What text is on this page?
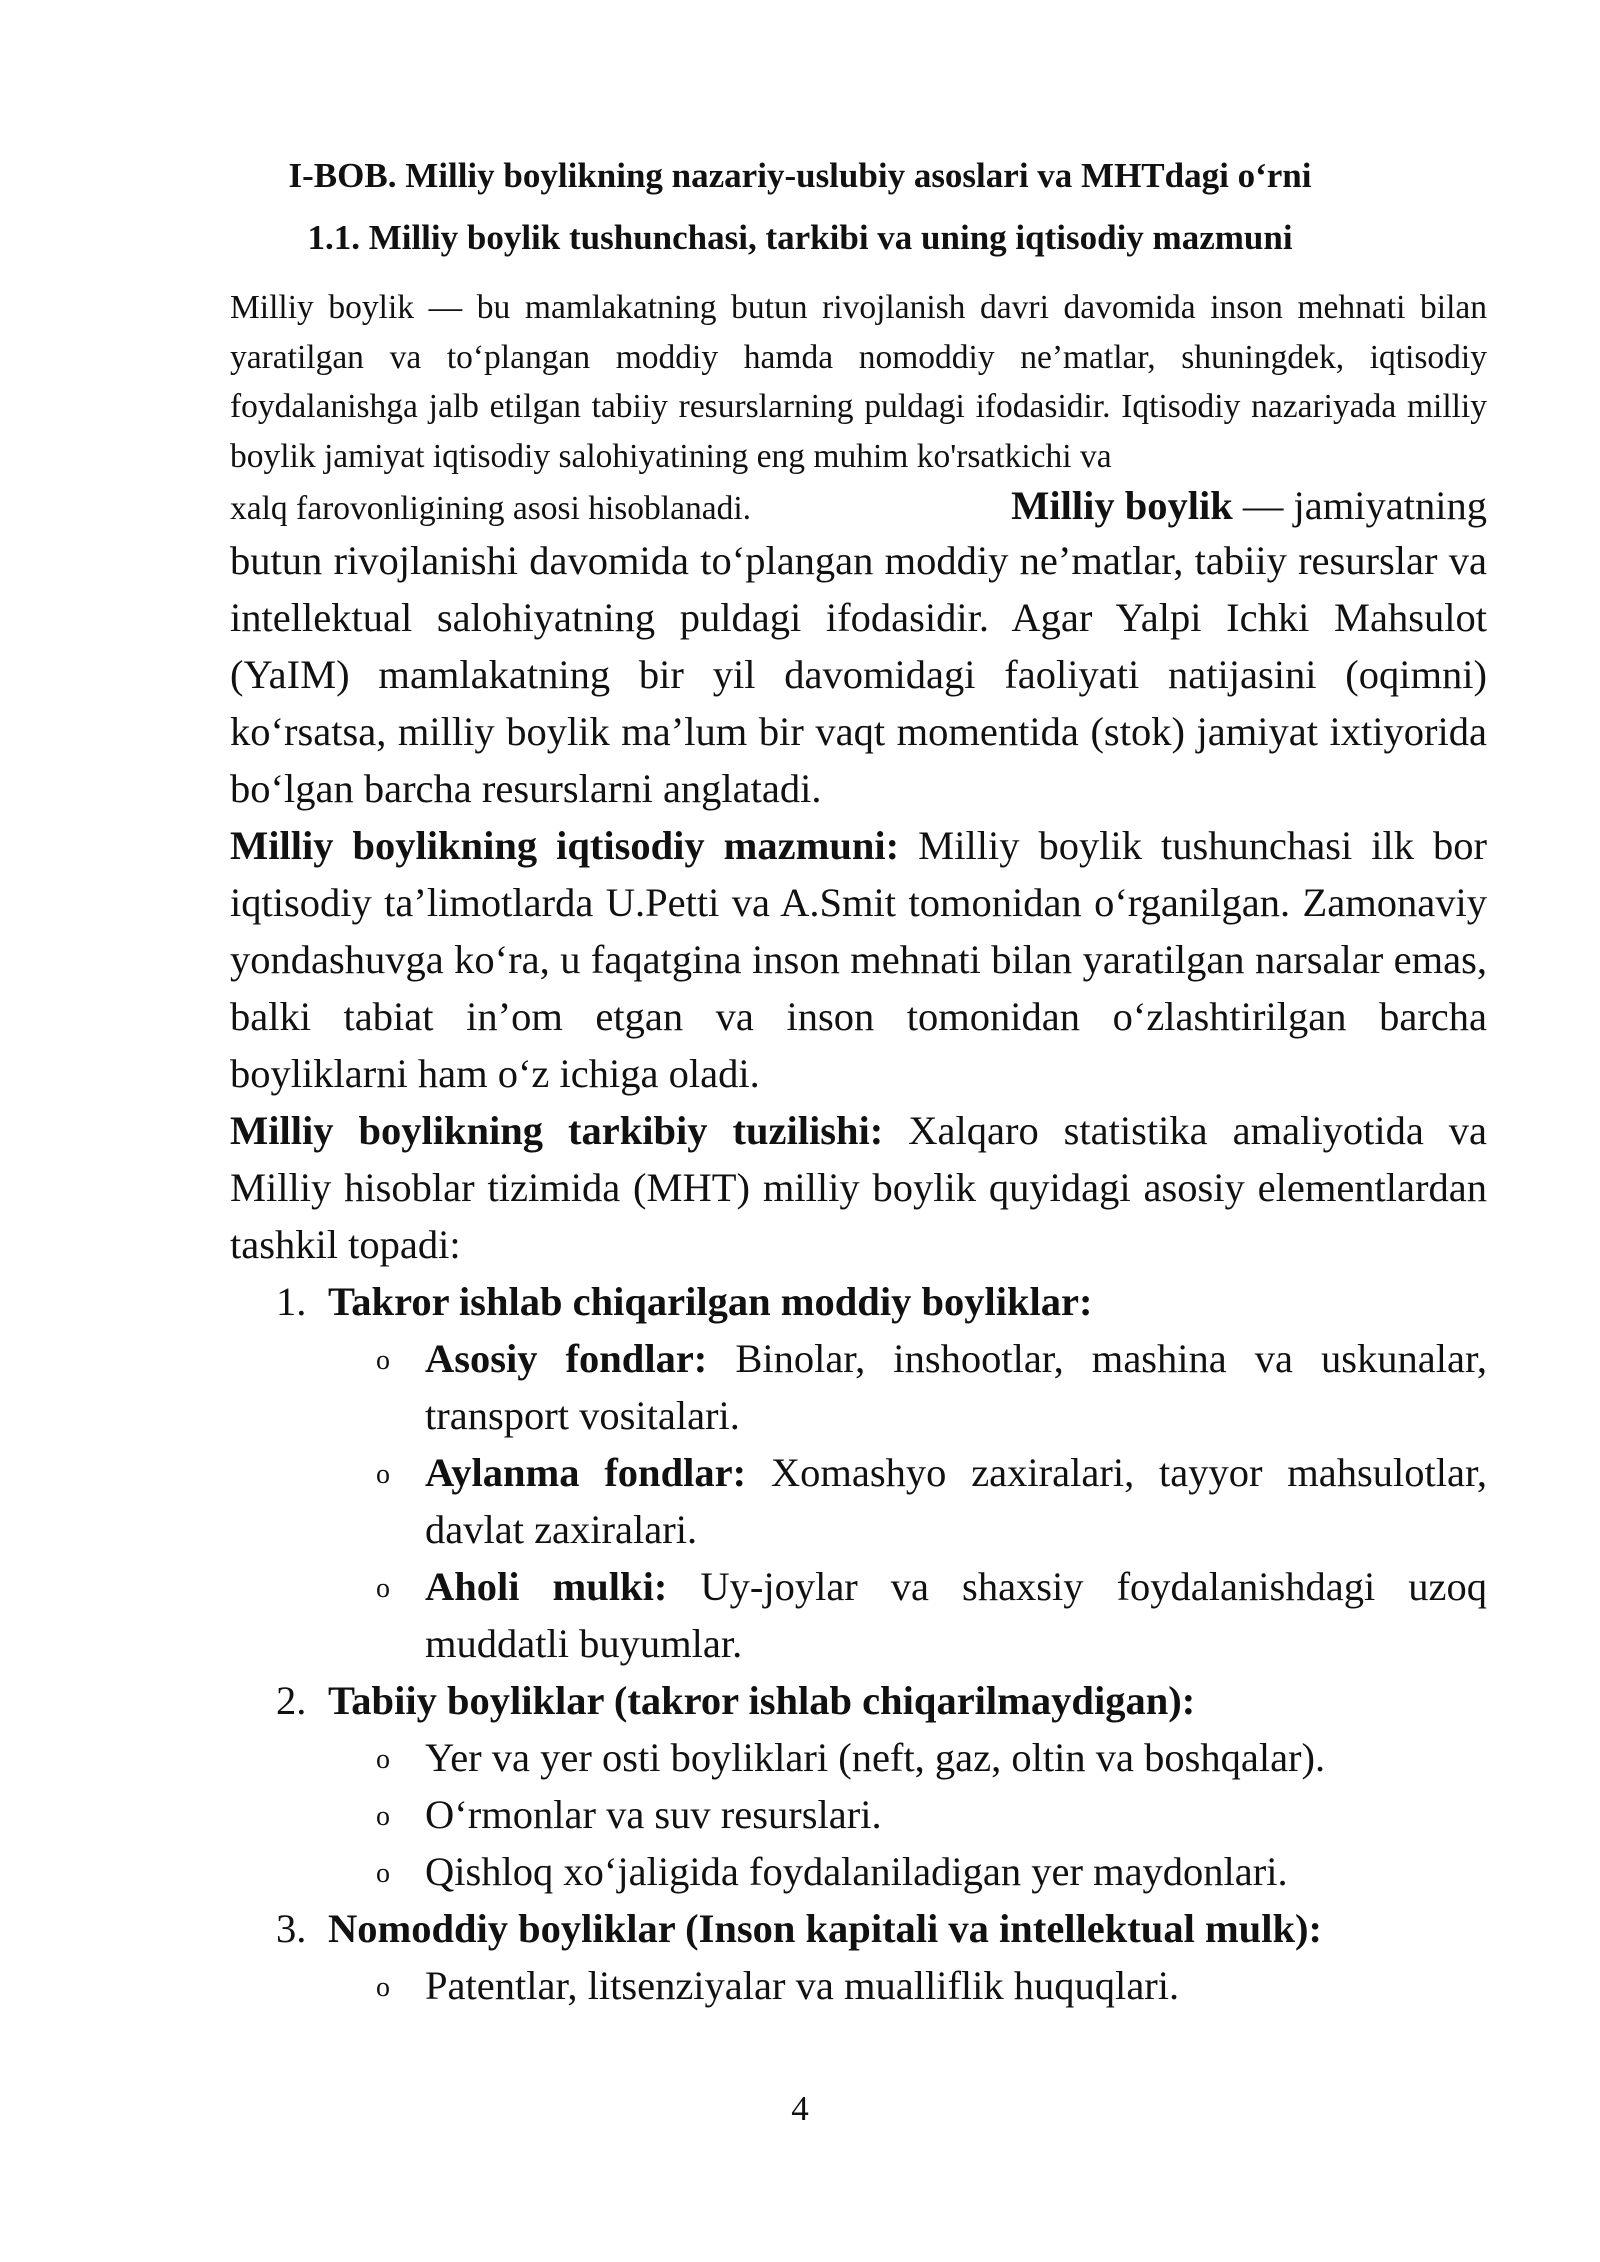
I-BOB. Milliy boylikning nazariy-uslubiy asoslari va MHTdagi o‘rni
1.1. Milliy boylik tushunchasi, tarkibi va uning iqtisodiy mazmuni
Milliy boylik — bu mamlakatning butun rivojlanish davri davomida inson mehnati bilan yaratilgan va to‘plangan moddiy hamda nomoddiy ne’matlar, shuningdek, iqtisodiy foydalanishga jalb etilgan tabiiy resurslarning puldagi ifodasidir. Iqtisodiy nazariyada milliy boylik jamiyat iqtisodiy salohiyatining eng muhim ko'rsatkichi va
xalq farovonligining asosi hisoblanadi.	Milliy boylik — jamiyatning
butun rivojlanishi davomida to‘plangan moddiy ne’matlar, tabiiy resurslar va intellektual salohiyatning puldagi ifodasidir. Agar Yalpi Ichki Mahsulot (YaIM) mamlakatning bir yil davomidagi faoliyati natijasini (oqimni) ko‘rsatsa, milliy boylik ma’lum bir vaqt momentida (stok) jamiyat ixtiyorida bo‘lgan barcha resurslarni anglatadi.
Milliy boylikning iqtisodiy mazmuni: Milliy boylik tushunchasi ilk bor iqtisodiy ta’limotlarda U.Petti va A.Smit tomonidan o‘rganilgan. Zamonaviy yondashuvga ko‘ra, u faqatgina inson mehnati bilan yaratilgan narsalar emas, balki tabiat in’om etgan va inson tomonidan o‘zlashtirilgan barcha boyliklarni ham o‘z ichiga oladi.
Milliy boylikning tarkibiy tuzilishi: Xalqaro statistika amaliyotida va Milliy hisoblar tizimida (MHT) milliy boylik quyidagi asosiy elementlardan tashkil topadi:
1. Takror ishlab chiqarilgan moddiy boyliklar:
o Asosiy fondlar: Binolar, inshootlar, mashina va uskunalar, transport vositalari.
o Aylanma fondlar: Xomashyo zaxiralari, tayyor mahsulotlar, davlat zaxiralari.
o Aholi mulki: Uy-joylar va shaxsiy foydalanishdagi uzoq muddatli buyumlar.
2. Tabiiy boyliklar (takror ishlab chiqarilmaydigan):
o Yer va yer osti boyliklari (neft, gaz, oltin va boshqalar).
o O‘rmonlar va suv resurslari.
o Qishloq xo‘jaligida foydalaniladigan yer maydonlari.
3. Nomoddiy boyliklar (Inson kapitali va intellektual mulk):
o Patentlar, litsenziyalar va mualliflik huquqlari.
4
